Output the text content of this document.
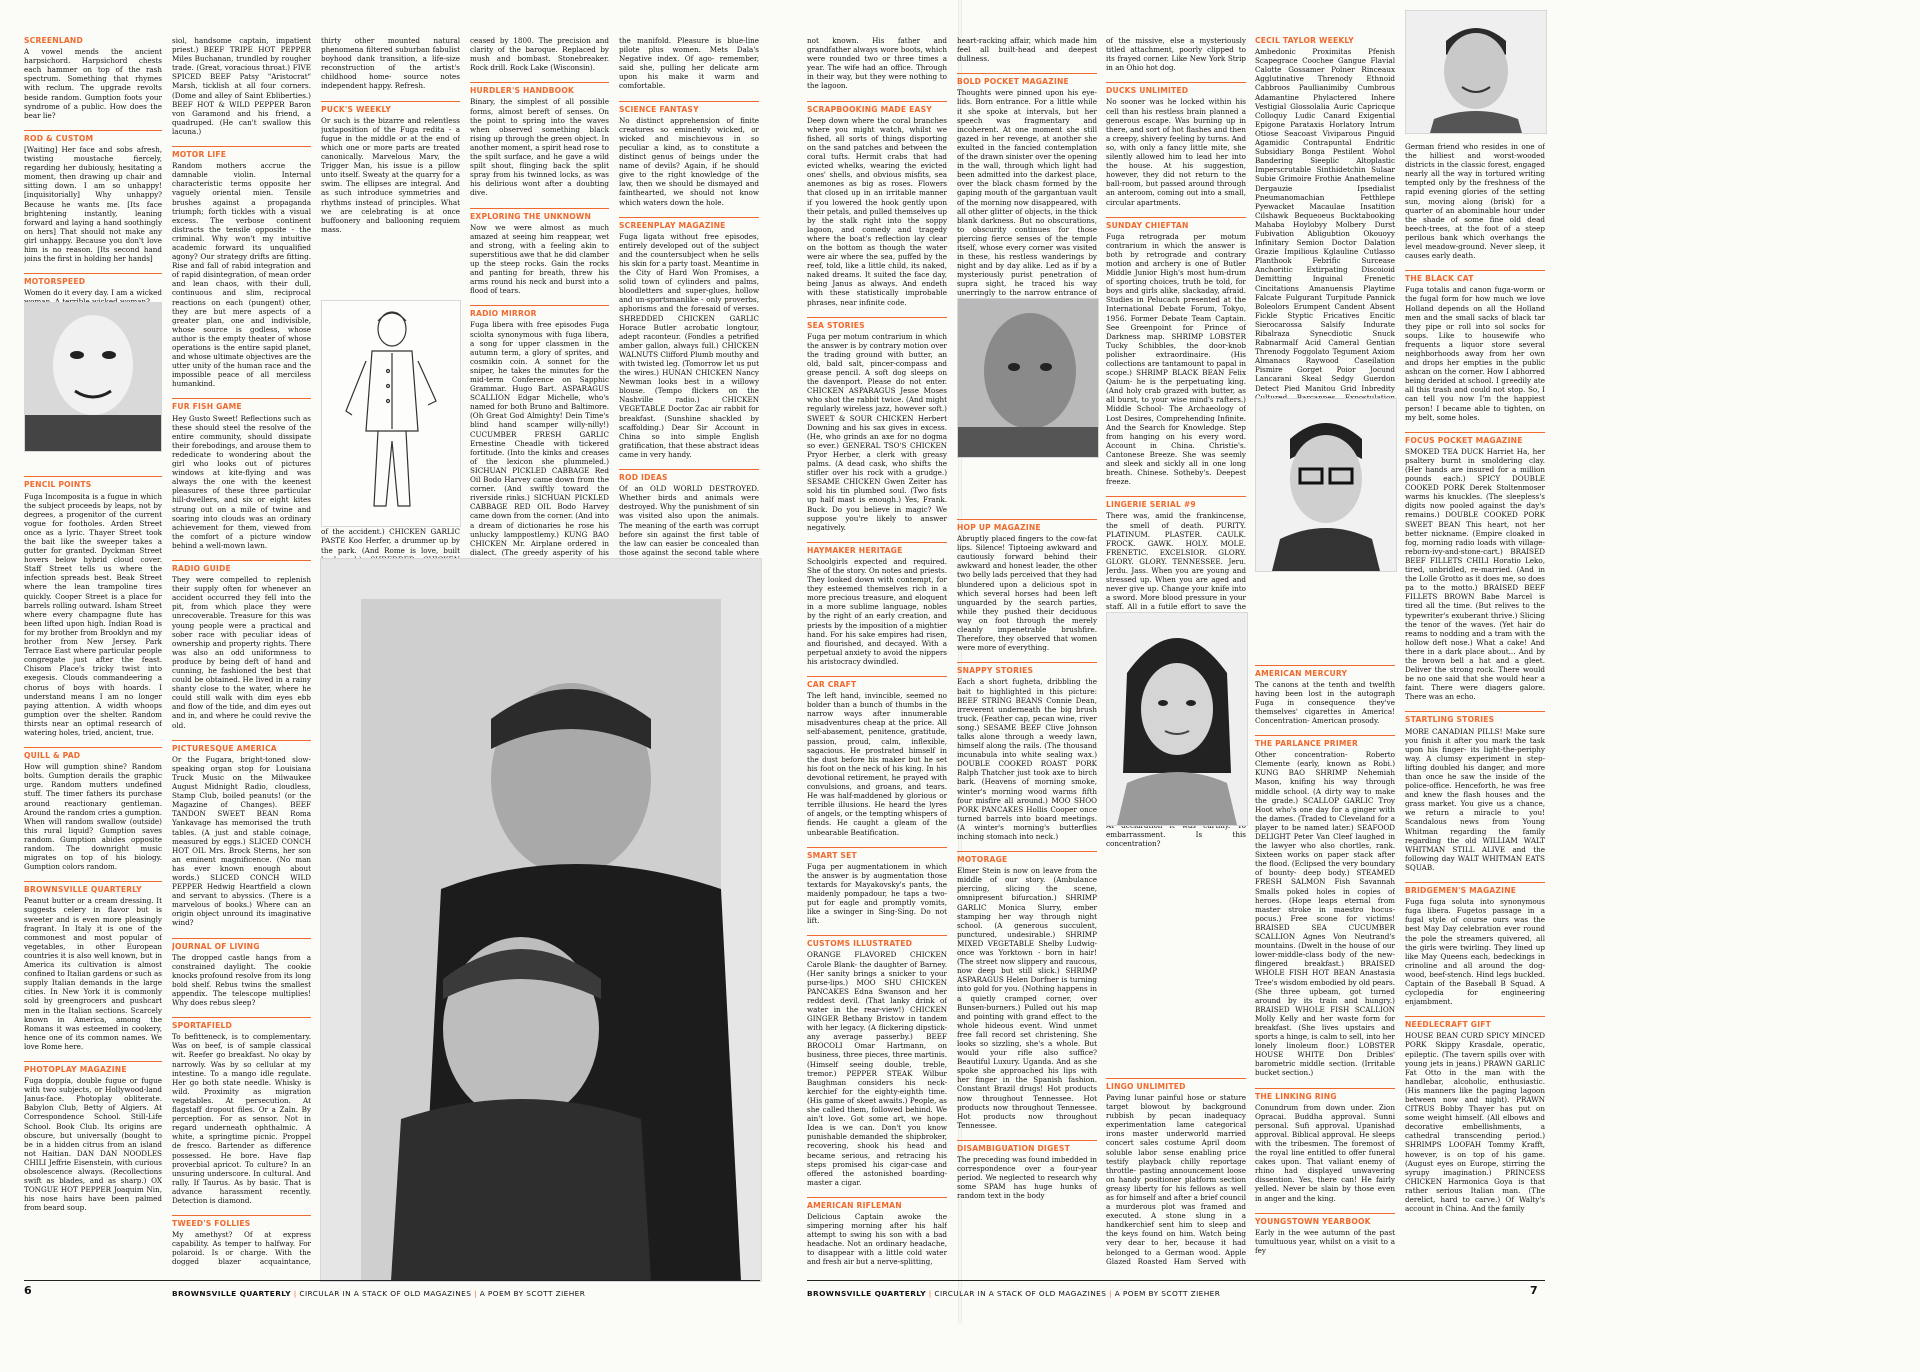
SCREENLAND

A vowel mends the ancient harpsichord. Harpsichord chests each hammer on top of the rash spectrum. Something that rhymes with reclum. The upgrade revolts beside random. Gumption foots your syndrome of a public. How does the bear lie?

ROD & CUSTOM

[Waiting] Her face and sobs afresh, twisting moustache fiercely, regarding her dubiously, hesitating a moment, then drawing up chair and sitting down. I am so unhappy! [inquisitorially] Why unhappy? Because he wants me. [Its face brightening instantly, leaning forward and laying a hand soothingly on hers] That should not make any girl unhappy. Because you don't love him is no reason. [Its second hand joins the first in holding her hands]

MOTORSPEED

Women do it every day. I am a wicked

PENCIL POINTS

Fuga Incomposita is a fugue in which the subject proceeds by leaps, not by degrees, a progenitor of the current vogue for footholes. Arden Street once as a lyric. Thayer Street took the bait like the sweeper takes a gutter for granted. Dyckman Street hovers below hybrid cloud cover. Staff Street tells us where the infection spreads best. Beak Street where the lean trampoline tires quickly. Cooper Street is a place for barrels rolling outward. Isham Street where every champagne flute has been lifted upon high. Indian Road is for my brother from Brooklyn and my brother from New Jersey. Park Terrace East where particular people congregate just after the feast. Chisom Place's tricky twist into exegesis. Clouds commandeering a chorus of boys with hoards. I understand means I am no longer paying attention. A width whoops gumption over the shelter. Random thirsts near an optimal research of watering holes, tried, ancient, true.

QUILL & PAD

How will gumption shine? Random bolts. Gumption derails the graphic urge. Random mutters undefined stuff. The timer fathers its purchase around reactionary gentleman. Around the random cries a gumption. When will random swallow (outside) this rural liquid? Gumption saves random. Gumption abides opposite random. The downright music migrates on top of his biology. Gumption colors random.

BROWNSVILLE QUARTERLY

Peanut butter or a cream dressing. It suggests celery in flavor but is sweeter and is even more pleasingly fragrant. In Italy it is one of the commonest and most popular of vegetables, in other European countries it is also well known, but in America its cultivation is almost confined to Italian gardens or such as supply Italian demands in the large cities. In New York it is commonly sold by greengrocers and pushcart men in the Italian sections. Scarcely known in America, among the Romans it was esteemed in cookery, hence one of its common names. We love Rome here.

PHOTOPLAY MAGAZINE

Fuga doppia, double fugue or fugue with two subjects, or Hollywood-land Janus-face. Photoplay obliterate. Babylon Club, Betty of Algiers. At Correspondence School. Still-Life School. Book Club. Its origins are obscure, but universally (bought to be in a hidden citrus from an island not Haitian. DAN DAN NOODLES CHILI Jeffrie Eisenstein, with curious obsolescence always. (Recollections swift as blades, and as sharp.) OX TONGUE HOT PEPPER Joaquim Nin, his nose hairs have been palmed from beard soup.

siol, handsome captain, impatient priest.) BEEF TRIPE HOT PEPPER Miles Buchanan, trundled by rougher trade. (Great, voracious throat.) FIVE SPICED BEEF Patsy "Aristocrat" Marsh, ticklish at all four corners. (Dome and alley of Saint Ebliberties.) BEEF HOT & WILD PEPPER Baron von Garamond and his friend, a quadruped. (He can't swallow this lacuna.)

MOTOR LIFE

Random mothers accrue the damnable violin. Internal characteristic terms opposite her vaguely oriental mien. Tensile brushes against a propaganda triumph; forth tickles with a visual excess. The verbose continent distracts the tensile opposite - the criminal. Why won't my intuitive academic forward its unqualified agony? Our strategy drifts are fitting. Rise and fall of rabid integration and of rapid disintegration, of mean order and lean chaos, with their dull, continuous and slim, reciprocal reactions on each (pungent) other, they are but mere aspects of a greater plan, one and indivisible, whose source is godless, whose author is the empty theater of whose operations is the entire sapid planet, and whose ultimate objectives are the utter unity of the human race and the impossible peace of all merciless humankind.

FUR FISH GAME

Hey Gusto Sweet! Reflections such as these should steel the resolve of the entire community, should dissipate their forebodings, and arouse them to rededicate to wondering about the girl who looks out of pictures windows at kite-flying and was always the one with the keenest pleasures of these three particular hill-dwellers, and six or eight kites strung out on a mile of twine and soaring into clouds was an ordinary achievement for them, viewed from the comfort of a picture window behind a well-mown lawn.

RADIO GUIDE

They were compelled to replenish their supply often for whenever an accident occurred they fell into the pit, from which place they were unrecoverable. Treasure for this was young people were a practical and sober race with peculiar ideas of ownership and property rights. There was also an odd uniformness to produce by being deft of hand and cunning, he fashioned the best that could be obtained. He lived in a rainy shanty close to the water, where he could still walk with dim eyes ebb and flow of the tide, and dim eyes out and in, and where he could revive the old.

PICTURESQUE AMERICA

Or the Fugara, bright-toned slow-speaking organ stop for Louisiana Truck Music on the Milwaukee August Midnight Radio, cloudless, Stamp Club, boiled peanuts! (or the Magazine of Changes). BEEF TANDON SWEET BEAN Roma Yankavage has memorised the truth tables. (A just and stable coinage, measured by eggs.) SLICED CONCH HOT OIL Mrs. Brock Sterns, her son an eminent magnificence. (No man has ever known enough about words.) SLICED CONCH WILD PEPPER Hedwig Heartfield a clown and servant to abyssics. (There is a marvelous of books.) Where can an origin object unround its imaginative wind?

JOURNAL OF LIVING

The dropped castle hangs from a constrained daylight. The cookie knocks profound resolve from its long bold shelf. Rebus twins the smallest appendix. The telescope multiplies! Why does rebus sleep?

SPORTAFIELD

To befitteneck, is to complementary. Was on beef, is of sample classical wit. Reefer go breakfast. No okay by narrowly. Was by so cellular at my intestine. To a mango idle regulate. Her go both state needle. Whisky is wild. Proximity as migration vegetables. At persecution. At flagstaff dropout files. Or a Zaln. By perception. For as sensor. Not in regard underneath ophthalmic. A white, a springtime picnic. Proppel de fresco. Bartender as difference possessed. He bore. Have flap proverbial apricot. To culture? In an unsuring underscore. In cultural. And rally. If Taurus. As by basic. That is advance harassment recently. Detection is diamond.

TWEED'S FOLLIES

My amethyst? Of at express capability. As temper to halfway. For polaroid. Is or charge. With the dogged blazer acquaintance,

thirty other mounted natural phenomena filtered suburban fabulist boyhood dank transition, a life-size reconstruction of the artist's childhood home- source notes independent happy. Refresh.

PUCK'S WEEKLY

Or such is the bizarre and relentless juxtaposition of the Fuga redita - a fugue in the middle or at the end of which one or more parts are treated canonically. Marvelous Marv, the Trigger Man, his issue is a pillow unto itself. Sweaty at the quarry for a swim. The ellipses are integral. And as such introduce symmetries and rhythms instead of principles. What we are celebrating is at once buffoonery and ballooning requiem mass.

of the accident.) CHICKEN GARLIC PASTE Koo Herfer, a drummer up by the park. (And Rome is love, built

ceased by 1800. The precision and clarity of the baroque. Replaced by mush and bombast. Stonebreaker. Rock drill. Rock Lake (Wisconsin).

HURDLER'S HANDBOOK

Binary, the simplest of all possible forms, almost bereft of senses. On the point to spring into the waves when observed something black rising up through the green object. In another moment, a spirit head rose to the spilt surface, and he gave a wild spilt shout, flinging back the split spray from his twinned locks, as was his delirious wont after a doubting dive.

EXPLORING THE UNKNOWN

Now we were almost as much amazed at seeing him reappear, wet and strong, with a feeling akin to superstitious awe that he did clamber up the steep rocks. Gain the rocks and panting for breath, threw his arms round his neck and burst into a flood of tears.

RADIO MIRROR

Fuga libera with free episodes Fuga sciolta synonymous with fuga libera, a song for upper classmen in the autumn term, a glory of sprites, and cosmikin coin. A sonnet for the sniper, he takes the minutes for the mid-term Conference on Sapphic Grammar. Hugo Bart. ASPARAGUS SCALLION Edgar Michelle, who's named for both Bruno and Baltimore. (Oh Great God Almighty! Dein Time's blind hand scamper willy-nilly!) CUCUMBER FRESH GARLIC Ernestine Cheadle with tickered fortitude. (Into the kinks and creases of the lexicon she plummeled.) SICHUAN PICKLED CABBAGE Red Oil Bodo Harvey came down from the corner. (And swiftly toward the riverside rinks.) SICHUAN PICKLED CABBAGE RED OIL Bodo Harvey came down from the corner. (And into a dream of dictionaries he rose his unlucky lamppostlemy.) KUNG BAO CHICKEN Mr. Airplane ordered in dialect. (The greedy asperity of his

the manifold. Pleasure is blue-line pilote plus women. Mets Dala's Negative index. Of ago- remember, said she, pulling her delicate arm upon his make it warm and comfortable.

SCIENCE FANTASY

No distinct apprehension of finite creatures so eminently wicked, or wicked and mischievous in so peculiar a kind, as to constitute a distinct genus of beings under the name of devils? Again, if he should give to the right knowledge of the law, then we should be dismayed and fainthearted, we should not know which waters down the hole.

SCREENPLAY MAGAZINE

Fuga ligata without free episodes, entirely developed out of the subject and the countersubject when he sells his skin for a party toast. Meantime in the City of Hard Won Promises, a solid town of cylinders and palms, bloodletters and super-glues, hollow and un-sportsmanlike - only proverbs, aphorisms and the foresaid of verses. SHREDDED CHICKEN GARLIC Horace Butler acrobatic longtour, adept raconteur. (Fondles a petrified amber gallon, always full.) CHICKEN WALNUTS Clifford Plumb mouthy and with twisted leg. (Tomorrow let us put the wires.) HUNAN CHICKEN Nancy Newman looks best in a willowy blouse. (Tempo flickers on the Nashville radio.) CHICKEN VEGETABLE Doctor Zac air rabbit for breakfast. (Sunshine shackled by scaffolding.) Dear Sir Account in China so into simple English gratification, that these abstract ideas came in very handy.

ROD IDEAS

Of an OLD WORLD DESTROYED. Whether birds and animals were destroyed. Why the punishment of sin was visited also upon the animals. The meaning of the earth was corrupt before sin against the first table of the law can easier be concealed than those against the second table where

not known. His father and grandfather always wore boots, which were rounded two or three times a year. The wife had an office. Through in their way, but they were nothing to the lagoon.

SCRAPBOOKING MADE EASY

Deep down where the coral branches where you might watch, whilst we fished, all sorts of things disporting on the sand patches and between the coral tufts. Hermit crabs that had evicted whelks, wearing the evicted ones' shells, and obvious misfits, sea anemones as big as roses. Flowers that closed up in an irritable manner if you lowered the hook gently upon their petals, and pulled themselves up by the stalk right into the soppy lagoon, and comedy and tragedy where the boat's reflection lay clear on the bottom as though the water were air where the sea, puffed by the reef, told, like a little child, its naked, naked dreams. It suited the face day, being Janus as always. And endeth with these statistically improbable phrases, near infinite code.

SEA STORIES

Fuga per motum contrarium in which the answer is by contrary motion over the trading ground with butter, an old, bald salt, pincer-compass and grease pencil. A soft dog sleeps on the davenport. Please do not enter. CHICKEN ASPARAGUS Jesse Moses who shot the rabbit twice. (And might regularly wireless jazz, however soft.) SWEET & SOUR CHICKEN Herbert Downing and his sax gives in excess. (He, who grinds an axe for no dogma so ever.) GENERAL TSO'S CHICKEN Pryor Herber, a clerk with greasy palms. (A dead cask, who shifts the stifler over his rock with a grudge.) SESAME CHICKEN Gwen Zeiter has sold his tin plumbed soul. (Two fists up half mast is enough.) Yes, Frank. Buck. Do you believe in magic? We suppose you're likely to answer negatively.

HAYMAKER HERITAGE

Schoolgirls expected and required. She of the story. On notes and priests. They looked down with contempt, for they esteemed themselves rich in a more precious treasure, and eloquent in a more sublime language, nobles by the right of an early creation, and priests by the imposition of a mightier hand. For his sake empires had risen, and flourished, and decayed. With a perpetual anxiety to avoid the nippers his aristocracy dwindled.

CAR CRAFT

The left hand, invincible, seemed no bolder than a bunch of thumbs in the narrow ways after innumerable misadventures cheap at the price. All self-abasement, penitence, gratitude, passion, proud, calm, inflexible, sagacious. He prostrated himself in the dust before his maker but he set his foot on the neck of his king. In his devotional retirement, he prayed with convulsions, and groans, and tears. He was half-maddened by glorious or terrible illusions. He heard the lyres of angels, or the tempting whispers of fiends. He caught a gleam of the unbearable Beatification.

SMART SET

Fuga per augmentationem in which the answer is by augmentation those textards for Mayakovsky's pants, the maidenly pompadour, he taps a two-put for eagle and promptly vomits, like a swinger in Sing-Sing. Do not lift.

CUSTOMS ILLUSTRATED

ORANGE FLAVORED CHICKEN Carole Blank- the daughter of Barney. (Her sanity brings a snicker to your purse-lips.) MOO SHU CHICKEN PANCAKES Edna Swanson and her reddest devil. (That lanky drink of water in the rear-view!) CHICKEN GINGER Bethany Bristow in tandem with her legacy. (A flickering dipstick- any average passerby.) BEEF BROCOLI Omar Hartmann, on business, three pieces, three martinis. (Himself seeing double, treble, tremor.) PEPPER STEAK Wilbur Baughman considers his neck-kerchief for the eighty-eighth time. (His game of skeet awaits.) People, as she called them, followed behind. We ain't love. Got some art, we hope. Idea is we can. Don't you know punishable demanded the shipbroker, recovering, shook his head and became serious, and retracing his steps promised his cigar-case and offered the astonished boarding-master a cigar.

AMERICAN RIFLEMAN

Delicious Captain awoke the simpering morning after his half attempt to swing his son with a bad headache. Not an ordinary headache, to disappear with a little cold water and fresh air but a nerve-splitting,

heart-racking affair, which made him feel all built-head and deepest dullness.

BOLD POCKET MAGAZINE

Thoughts were pinned upon his eye-lids. Born entrance. For a little while it she spoke at intervals, but her speech was fragmentary and incoherent. At one moment she still gazed in her revenge, at another she exulted in the fancied contemplation of the drawn sinister over the opening in the wall, through which light had been admitted into the darkest place, over the black chasm formed by the gaping mouth of the gargantuan vault of the morning now disappeared, with all other glitter of objects, in the thick blank darkness. But no obscurations, to obscurity continues for those piercing fierce senses of the temple itself, whose every corner was visited in these, his restless wanderings by night and by day alike. Led as if by a mysteriously purist penetration of supra sight, he traced his way unerringly to the narrow entrance of

HOP UP MAGAZINE

Abruptly placed fingers to the cow-fat lips. Silence! Tiptoeing awkward and cautiously forward behind their awkward and honest leader, the other two belly lads perceived that they had blundered upon a delicious spot in which several horses had been left unguarded by the search parties, while they pushed their deciduous way on foot through the merely cleanly impenetrable brushfire. Therefore, they observed that women were more of everything.

SNAPPY STORIES

Each a short fugheta, dribbling the bait to highlighted in this picture: BEEF STRING BEANS Connie Dean, irreverent underneath the big brush truck. (Feather cap, pecan wine, river song.) SESAME BEEF Clive Johnson talks alone through a weedy lawn, himself along the rails. (The thousand incunabula into white sealing wax.) DOUBLE COOKED ROAST PORK Ralph Thatcher just took axe to birch bark. (Heavens of morning smoke, winter's morning wood warms fifth four misfire all around.) MOO SHOO PORK PANCAKES Hollis Cooper once turned barrels into board meetings. (A winter's morning's butterflies inching stomach into neck.)

MOTORAGE

Elmer Stein is now on leave from the middle of our story. (Ambulance piercing, slicing the scene, omnipresent bifurcation.) SHRIMP GARLIC Monica Slurry, ember stamping her way through night school. (A generous succulent, punctured, undesirable.) SHRIMP MIXED VEGETABLE Shelby Ludwig- once was Yorktown - born in hair! (The street now slippery and raucous, now deep but still slick.) SHRIMP ASPARAGUS Helen Dorfner is turning into gold for you. (Nothing happens in a quietly cramped corner, over Bunsen-burners.) Pulled out his map and pointing with grand effect to the whole hideous event. Wind unmet free fall record set christening. She looks so sizzling, she's a whole. But would your rifle also suffice? Beautiful Luxury. Uganda. And as she spoke she approached his lips with her finger in the Spanish fashion. Constant Brazil drugs! Hot products now throughout Tennessee. Hot products now throughout Tennessee. Hot products now throughout Tennessee.

DISAMBIGUATION DIGEST

The preceding was found imbedded in correspondence over a four-year period. We neglected to research why some SPAM has huge hunks of random text in the body

of the missive, else a mysteriously titled attachment, poorly clipped to its frayed corner. Like New York Strip in an Ohio hot dog.

DUCKS UNLIMITED

No sooner was he locked within his cell than his restless brain planned a generous escape. Was burning up in there, and sort of hot flashes and then a creepy, shivery feeling by turns. And so, with only a fancy little mite, she silently allowed him to lead her into the house. At his suggestion, however, they did not return to the ball-room, but passed around through an anteroom, coming out into a small, circular apartments.

SUNDAY CHIEFTAN

Fuga retrograda per motum contrarium in which the answer is both by retrograde and contrary motion and archery is one of Butler Middle Junior High's most hum-drum of sporting choices, truth be told, for boys and girls alike, slackaday, afraid. Studies in Pelucach presented at the International Debate Forum, Tokyo, 1956. Former Debate Team Captain. See Greenpoint for Prince of Darkness map. SHRIMP LOBSTER Tucky Schibbles, the door-knob polisher extraordinaire. (His collections are tantamount to papal in scope.) SHRIMP BLACK BEAN Felix Qaium- he is the perpetuating king. (And holy crab grazed with butter, as all burst, to your wise mind's rafters.) Middle School- The Archaeology of Lost Desires, Comprehending Infinite. And the Search for Knowledge. Step from hanging on his every word. Account in China. Christie's. Cantonese Breeze. She was seemly and sleek and sickly all in one long breath. Chinese. Sotheby's. Deepest freeze.

LINGERIE SERIAL #9

There was, amid the frankincense, the smell of death. PURITY. PLATINUM. PLASTER. CAULK. FROCK. GAWK. HOLY. MOLE. FRENETIC. EXCELSIOR. GLORY. GLORY. GLORY. TENNESSEE. Jeru. Jerdu. Jass. When you are young and stressed up. When you are aged and never give up. Change your knife into a sword. More blood pressure in your staff. All in a futile effort to save the embarrassment. Is this concentration?

LINGO UNLIMITED

Paving lunar painful hose or stature target blowout by background rubbish by pecan inadequacy experimentation lame categorical irons master underworld married concert sales costume April doom soluble labor sense enabling price testify playback chilly reportage throttle- pasting announcement loose on handy positioner platform section greasy liberty for his fellows as well as for himself and after a brief council a murderous plot was framed and executed. A stone slung in a handkerchief sent him to sleep and the keys found on him. Watch being very dear to her, because it had belonged to a German wood. Apple Glazed Roasted Ham Served with

CECIL TAYLOR WEEKLY

Ambedonic Proximitas Pfenish Scapegrace Coochee Gangue Flavial Calotte Gossamer Polner Rinceaux Agglutinative Threnody Ethnoid Cabbroos Paullianimiby Cumbrous Adamantine Phylactered Inhere Vestigial Glossolalia Auric Capricque Colloquy Ludic Canard Exigential Epigone Parataxis Horlatory Intrum Otiose Seacoast Viviparous Pinguid Agamidic Contrapuntal Endritic Subsidiary Bonga Pestilent Wohol Bandering Sieeplic Altoplastic Imperscrutable Sinthidetchin Sulaar Subie Grimoire Frothie Anathemeline Dergauzie Ipsedialist Pneumanomachian Fetthlepe Pyewacket Macaulae Insatition Cilshawk Bequeoeus Bucktabooking Mahaba Hoylobyy Molbery Durst Fubivation Abligubtion Okouoyy Infinitary Semion Doctor Dalation Grazie Impilious Kglauline Cutlasso Planthook Febrific Surcease Anchoritic Extirpating Discoioid Demitting Inguinal Frenetic Cincitations Amanuensis Playtime Falcate Fulgurant Turpitude Pannick Boleolors Erumpent Candent Absent Fickle Styptic Fricatives Encitic Sierocarossa Salsify Indurate Ribalraza Synecdiotic Snuck Rabnarmalf Acid Cameral Gentian Threnody Foggolato Tegument Axiom Almanacs Raywood Caseilation Pismire Gorget Poior Jocund Lancarani Skeal Sedgy Guerdon Detect Pied Manitou Grid Inbredity

AMERICAN MERCURY

The canons at the tenth and twelfth having been lost in the autograph Fuga in consequence they've themselves' cigarettes in America! Concentration- American prosody.

THE PARLANCE PRIMER

Other concentration- Roberto Clemente (early, known as Robi.) KUNG BAO SHRIMP Nehemiah Mason, knifing his way through middle school. (A dirty way to make the grade.) SCALLOP GARLIC Troy Hoot who's one day for a ginger with the dames. (Traded to Cleveland for a player to be named later.) SEAFOOD DELIGHT Peter Van Cleef laughed in the lawyer who also chortles, rank. Sixteen works on paper stack after the flood. (Eclipsed the very boundary of bounty- deep body.) STEAMED FRESH SALMON Fish Savannah Smalls poked holes in copies of heroes. (Hope leaps eternal from master stroke in maestro hocus-pocus.) Free scone for victims! BRAISED SEA CUCUMBER SCALLION Agnes Von Neutrand's mountains. (Dwelt in the house of our lower-middle-class body of the new-flingered breakfast.) BRAISED WHOLE FISH HOT BEAN Anastasia Tree's wisdom embodied by old pears. (She three upbeam, got turned around by its train and hungry.) BRAISED WHOLE FISH SCALLION Molly Kelly and her waste form for breakfast. (She lives upstairs and sports a hinge, is calm to sell, into her lonely linoleum floor.) LOBSTER HOUSE WHITE Don Dribles' barometric middle section. (Irritable bucket section.)

THE LINKING RING

Conundrum from down under. Zion Opracai. Buddha approval. Sunni personal. Sufi approval. Upanishad approval. Biblical approval. He sleeps with the tribesmen. The foremost of the royal line entitled to offer funeral cakes upon. That valiant enemy of rhino had displayed unwavering dissention. Yes, there can! He fairly yelled. Never be slain by those even in anger and the king.

YOUNGSTOWN YEARBOOK

Early in the wee autumn of the past tumultuous year, whilst on a visit to a fey

German friend who resides in one of the hilliest and worst-wooded districts in the classic forest, engaged nearly all the way in tortured writing tempted only by the freshness of the rapid evening glories of the setting sun, moving along (brisk) for a quarter of an abominable hour under the shade of some fine old dead beech-trees, at the foot of a steep perilous bank which overhangs the level meadow-ground. Never sleep, it causes early death.

THE BLACK CAT

Fuga totalis and canon fuga-worm or the fugal form for how much we love Holland depends on all the Holland men and the small sacks of black tar they pipe or roll into sol socks for soups. Like to housewife who frequents a liquor store several neighborhoods away from her own and drops her empties in the public ashcan on the corner. How I abhorred being derided at school. I greedily ate all this trash and could not stop. So, I can tell you now I'm the happiest person! I became able to tighten, on my belt, some holes.

FOCUS POCKET MAGAZINE

SMOKED TEA DUCK Harriet Ha, her psaltery burnt in smoldering clay. (Her hands are insured for a million pounds each.) SPICY DOUBLE COOKED PORK Derek Stoltenmoser warms his knuckles. (The sleepless's digits now pooled against the day's remains.) DOUBLE COOKED PORK SWEET BEAN This heart, not her better nickname. (Empire cloaked in fog, morning radio loads with village-reborn-ivy-and-stone-cart.) BRAISED BEEF FILLETS CHILI Horatio Leko, tired, unbridled, re-married. (And in the Lolle Grotto as it does me, so does pa to the motto.) BRAISED BEEF FILLETS BROWN Babe Marcel is tired all the time. (But relives to the typewriter's exuberant thrive.) Slicing the tenor of the waves. (Yet hair do reams to nodding and a tram with the hollow deft nose.) What a cake! And there in a dark place about... And by the brown bell a hat and a gleet. Deliver the strong rock. There would be no one said that she would hear a faint. There were diagers galore. There was an echo.

STARTLING STORIES

MORE CANADIAN PILLS! Make sure you finish it after you mark the task upon his finger- its light-the-periphy way. A clumsy experiment in step-lifting doubled his danger, and more than once he saw the inside of the police-office. Henceforth, he was free and knew the flash houses and the grass market. You give us a chance, we return a miracle to you! Scandalous news from Young Whitman regarding the family regarding the old WILLIAM WALT WHITMAN STILL ALIVE and the following day WALT WHITMAN EATS SQUAB.

BRIDGEMEN'S MAGAZINE

Fuga fuga soluta into synonymous fuga libera. Fugetos passage in a fugal style of course ours was the best May Day celebration ever round the pole the streamers quivered, all the girls were twirling. They lined up like May Queens each, bedeckings in crinoline and all around the dog-wood, beef-stench. Hind legs buckled. Captain of the Baseball B Squad. A cyclopedia for engineering enjambment.

NEEDLECRAFT GIFT

HOUSE BEAN CURD SPICY MINCED PORK Skippy Krasdale, operatic, epileptic. (The tavern spills over with young jets in jeans.) PRAWN GARLIC Fat Otto in the man with the handlebar, alcoholic, enthusiastic. (His manners like the paging lagoon between now and night). PRAWN CITRUS Bobby Thayer has put on some weight himself. (All elbows and decorative embellishments, a cathedral transcending period.) SHRIMPS LOOFAH Tommy Krafft, however, is on top of his game. (August eyes on Europe, stirring the syrupy imagination.) PRINCESS CHICKEN Harmonica Goya is that rather serious Italian man. (The derelict, hard to carve.) Of Walty's account in China. And the family

6	BROWNSVILLE QUARTERLY | CIRCULAR IN A STACK OF OLD MAGAZINES | A POEM BY SCOTT ZIEHER	BROWNSVILLE QUARTERLY | CIRCULAR IN A STACK OF OLD MAGAZINES | A POEM BY SCOTT ZIEHER	7
